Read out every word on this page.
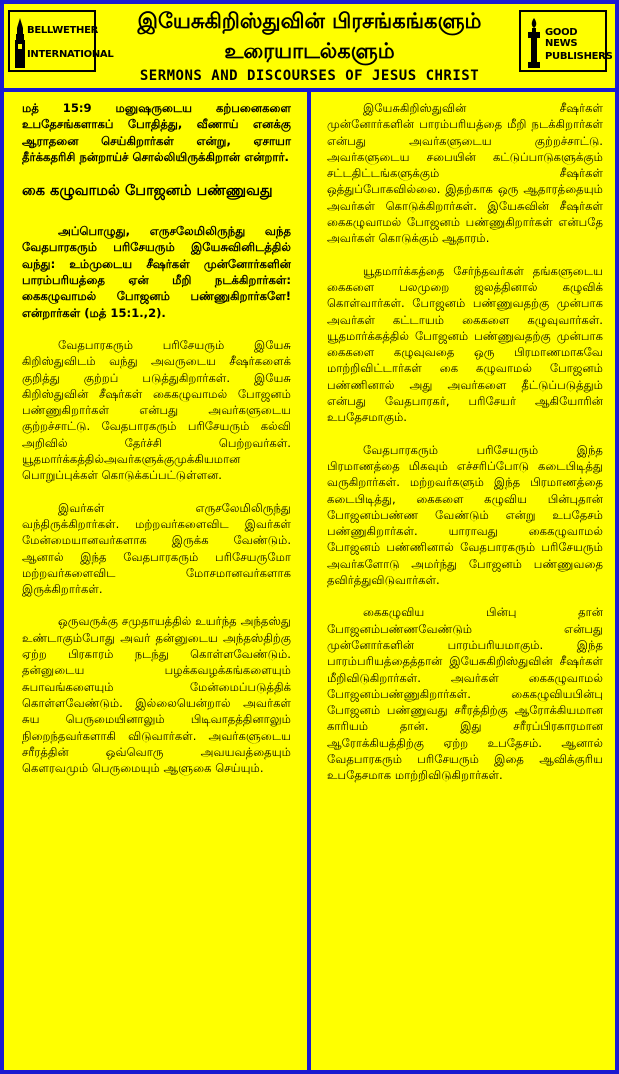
BELLWETHER
INTERNATIONAL
இயேசுகிறிஸ்துவின் பிரசங்கங்களும்
உரையாடல்களும்
SERMONS AND DISCOURSES OF JESUS CHRIST
GOOD NEWS
PUBLISHERS

மத் 15:9 மனுஷருடைய கற்பனைகளை உபதேசங்களாகப் போதித்து, வீணாய் எனக்கு ஆராதனை செய்கிறார்கள் என்று, ஏசாயா தீர்க்கதரிசி நன்றாய்ச் சொல்லியிருக்கிறான் என்றார்.

கை கழுவாமல் போஜனம் பண்ணுவது

அப்பொழுது, எருசலேமிலிருந்து வந்த வேதபாரகரும் பரிசேயரும் இயேசுவினிடத்தில் வந்து: உம்முடைய சீஷர்கள் முன்னோர்களின் பாரம்பரியத்தை ஏன் மீறி நடக்கிறார்கள்: கைகழுவாமல் போஜனம் பண்ணுகிறார்களே! என்றார்கள் (மத் 15:1.,2).

வேதபாரகரும் பரிசேயரும் இயேசு கிறிஸ்துவிடம் வந்து அவருடைய சீஷர்களைக் குறித்து குற்றப் படுத்துகிறார்கள். இயேசு கிறிஸ்துவின் சீஷர்கள் கைகழுவாமல் போஜனம் பண்ணுகிறார்கள் என்பது அவர்களுடைய குற்றச்சாட்டு. வேதபாரகரும் பரிசேயரும் கல்வி அறிவில் தேர்ச்சி பெற்றவர்கள். யூதமார்க்கத்தில்அவர்களுக்குமுக்கியமான பொறுப்புக்கள் கொடுக்கப்பட்டுள்ளன.

இவர்கள் எருசலேமிலிருந்து வந்திருக்கிறார்கள். மற்றவர்களைவிட இவர்கள் மேன்மையானவர்களாக இருக்க வேண்டும். ஆனால் இந்த வேதபாரகரும் பரிசேயருமோ மற்றவர்களைவிட மோசமானவர்களாக இருக்கிறார்கள்.

ஒருவருக்கு சமுதாயத்தில் உயர்ந்த அந்தஸ்து உண்டாகும்போது அவர் தன்னுடைய அந்தஸ்திற்கு ஏற்ற பிரகாரம் நடந்து கொள்ளவேண்டும். தன்னுடைய பழக்கவழக்கங்களையும் சுபாவங்களையும் மேன்மைப்படுத்திக் கொள்ளவேண்டும். இல்லையென்றால் அவர்கள் சுய பெருமையினாலும் பிடிவாதத்தினாலும் நிறைந்தவர்களாகி விடுவார்கள். அவர்களுடைய சரீரத்தின் ஒவ்வொரு அவயவத்தையும் கௌரவமும் பெருமையும் ஆளுகை செய்யும்.

இயேசுகிறிஸ்துவின் சீஷர்கள் முன்னோர்களின் பாரம்பரியத்தை மீறி நடக்கிறார்கள் என்பது அவர்களுடைய குற்றச்சாட்டு. அவர்களுடைய சபையின் கட்டுப்பாடுகளுக்கும் சட்டதிட்டங்களுக்கும் சீஷர்கள் ஒத்துப்போகவில்லை. இதற்காக ஒரு ஆதாரத்தையும் அவர்கள் கொடுக்கிறார்கள். இயேசுவின் சீஷர்கள் கைகழுவாமல் போஜனம் பண்ணுகிறார்கள் என்பதே அவர்கள் கொடுக்கும் ஆதாரம்.

யூதமார்க்கத்தை சேர்ந்தவர்கள் தங்களுடைய கைகளை பலமுறை ஜலத்தினால் கழுவிக் கொள்வார்கள். போஜனம் பண்ணுவதற்கு முன்பாக அவர்கள் கட்டாயம் கைகளை கழுவுவார்கள். யூதமார்க்கத்தில் போஜனம் பண்ணுவதற்கு முன்பாக கைகளை கழுவுவதை ஒரு பிரமாணமாகவே மாற்றிவிட்டார்கள் கை கழுவாமல் போஜனம் பண்ணினால் அது அவர்களை தீட்டுப்படுத்தும் என்பது வேதபாரகர், பரிசேயர் ஆகியோரின் உபதேசமாகும்.

வேதபாரகரும் பரிசேயரும் இந்த பிரமாணத்தை மிகவும் எச்சரிப்போடு கடைபிடித்து வருகிறார்கள். மற்றவர்களும் இந்த பிரமாணத்தை கடைபிடித்து, கைகளை கழுவிய பின்புதான் போஜனம்பண்ண வேண்டும் என்று உபதேசம் பண்ணுகிறார்கள். யாராவது கைகழுவாமல் போஜனம் பண்ணினால் வேதபாரகரும் பரிசேயரும் அவர்களோடு அமர்ந்து போஜனம் பண்ணுவதை தவிர்த்துவிடுவார்கள்.

கைகழுவிய பின்பு தான் போஜனம்பண்ணவேண்டும் என்பது முன்னோர்களின் பாரம்பரியமாகும். இந்த பாரம்பரியத்தைத்தான் இயேசுகிறிஸ்துவின் சீஷர்கள் மீறிவிடுகிறார்கள். அவர்கள் கைகழுவாமல் போஜனம்பண்ணுகிறார்கள். கைகழுவியபின்பு போஜனம் பண்ணுவது சரீரத்திற்கு ஆரோக்கியமான காரியம் தான். இது சரீரப்பிரகாரமான ஆரோக்கியத்திற்கு ஏற்ற உபதேசம். ஆனால் வேதபாரகரும் பரிசேயரும் இதை ஆவிக்குரிய உபதேசமாக மாற்றிவிடுகிறார்கள்.
